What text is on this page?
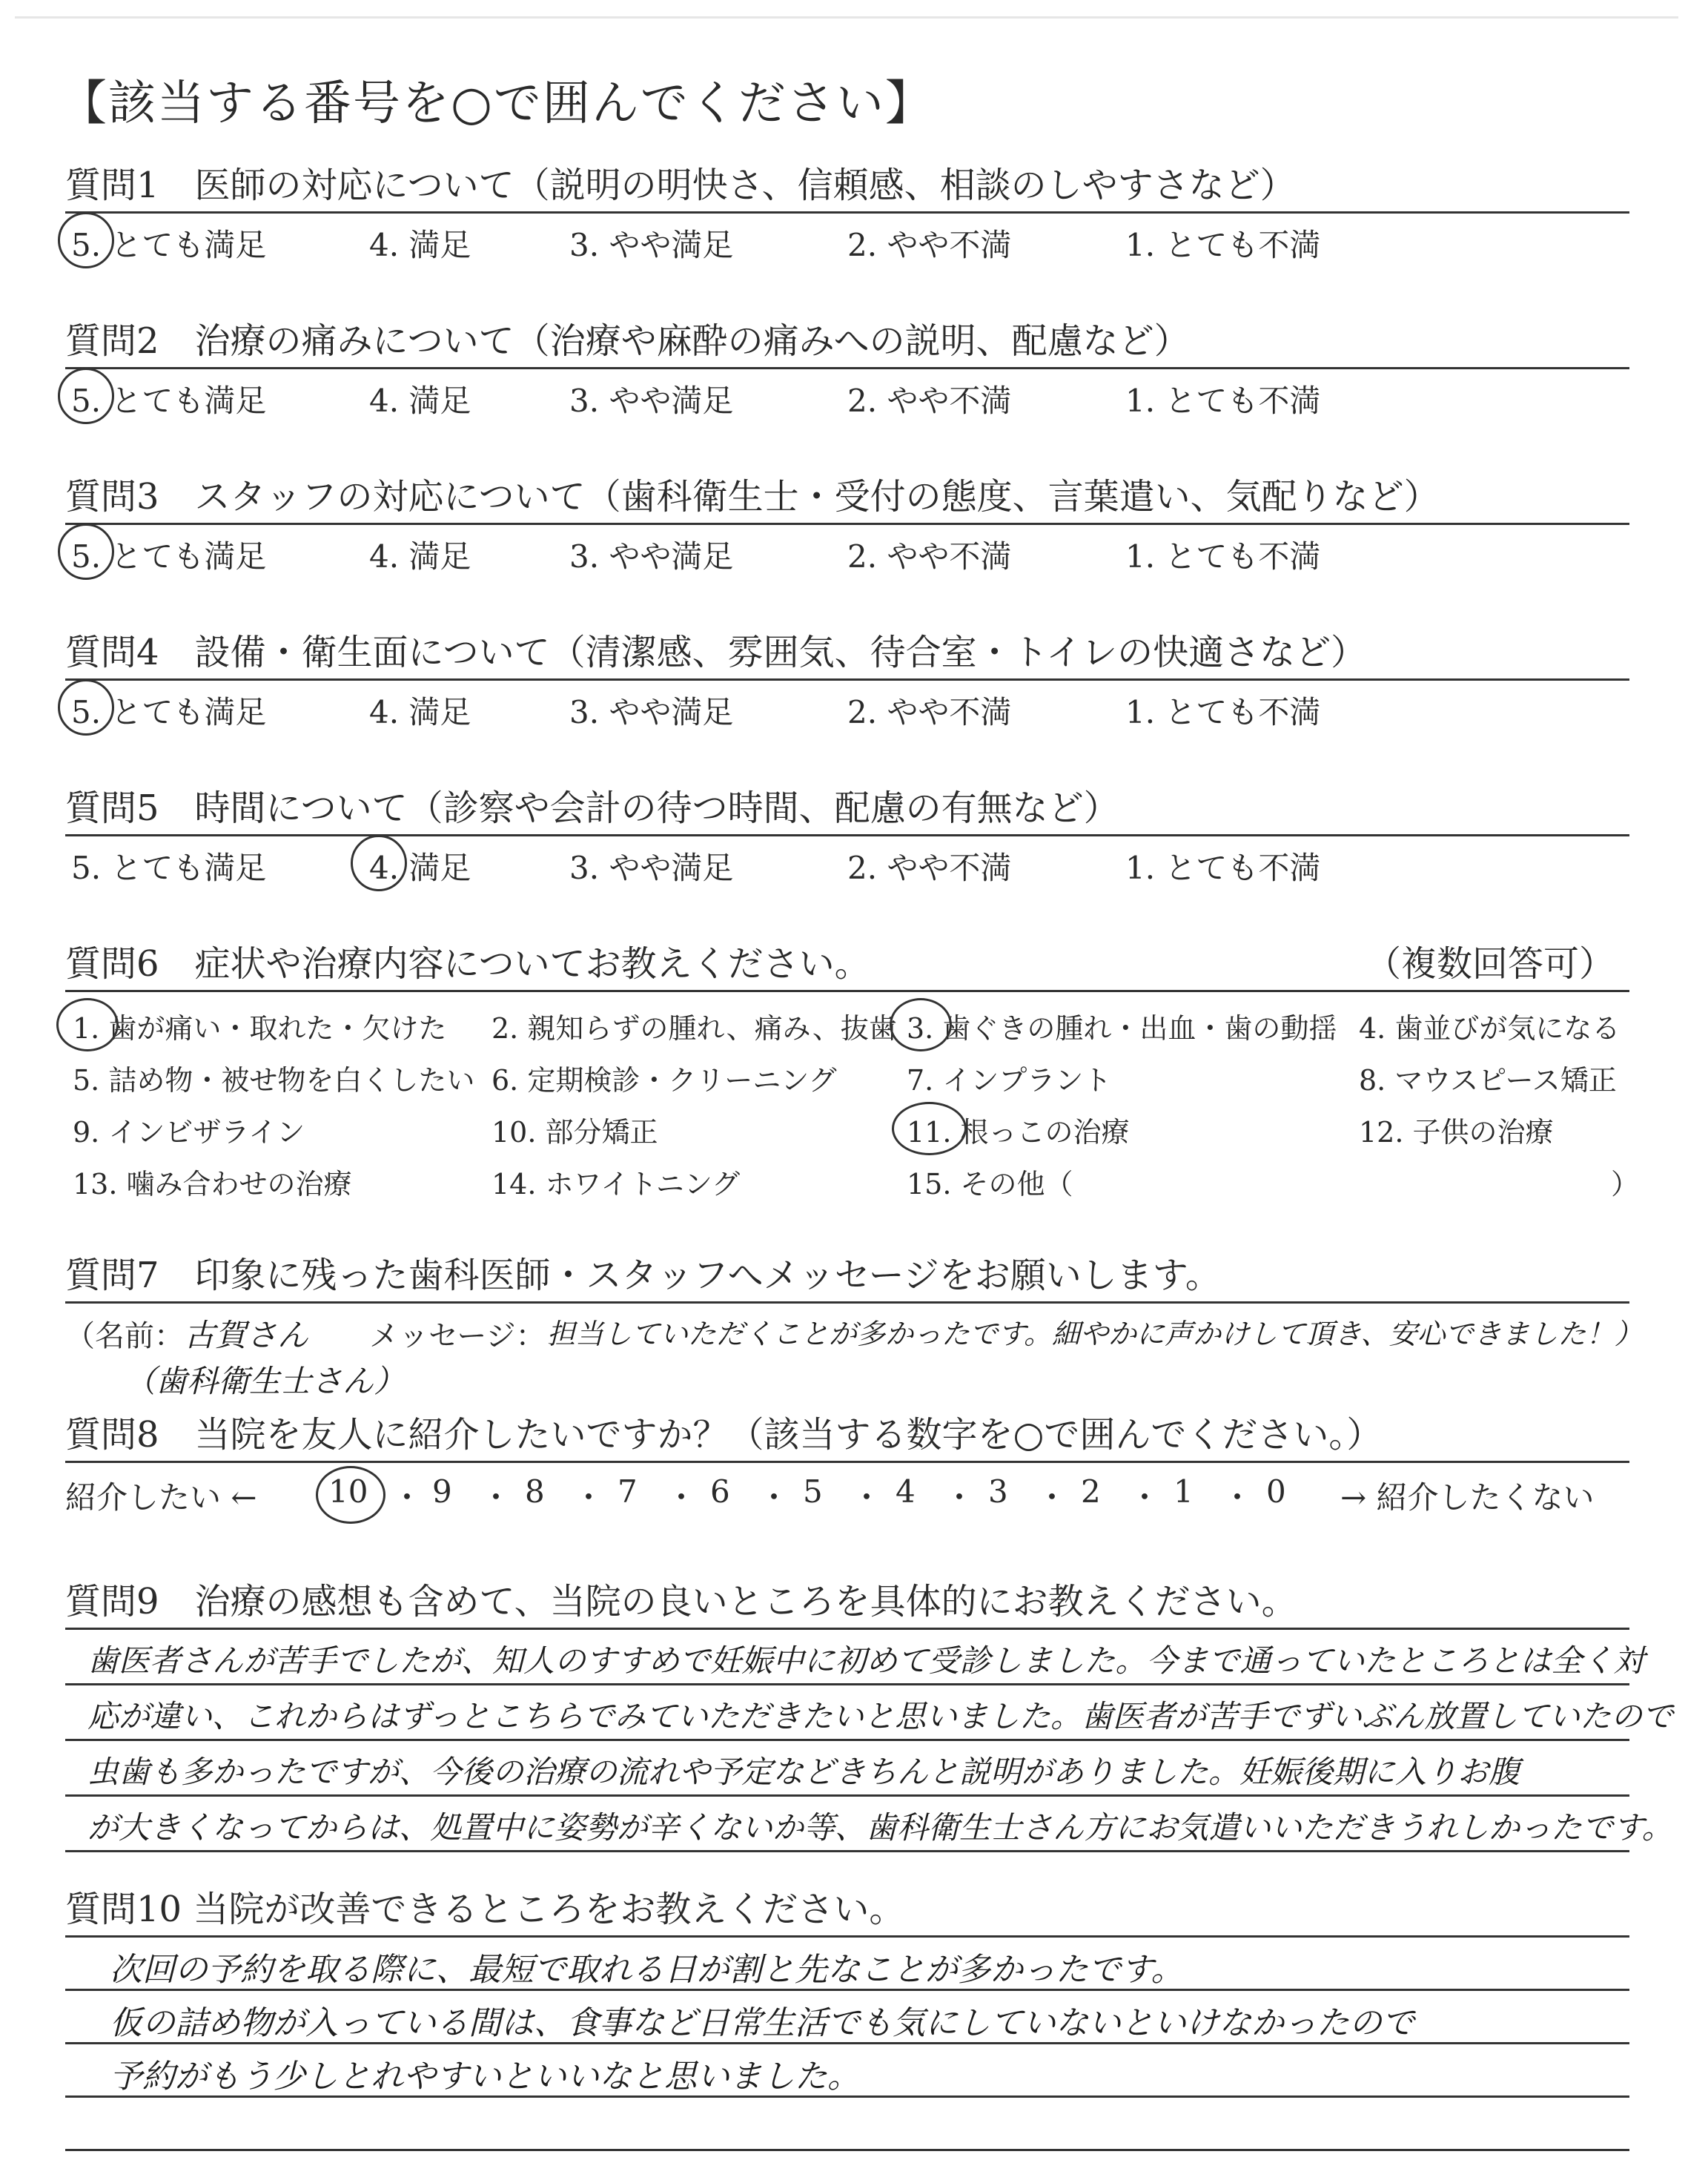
【該当する番号を○で囲んでください】
質問1　医師の対応について（説明の明快さ、信頼感、相談のしやすさなど）
5. とても満足	4. 満足	3. やや満足	2. やや不満	1. とても不満
質問2　治療の痛みについて（治療や麻酔の痛みへの説明、配慮など）
5. とても満足	4. 満足	3. やや満足	2. やや不満	1. とても不満
質問3　スタッフの対応について（歯科衛生士・受付の態度、言葉遣い、気配りなど）
5. とても満足	4. 満足	3. やや満足	2. やや不満	1. とても不満
質問4　設備・衛生面について（清潔感、雰囲気、待合室・トイレの快適さなど）
5. とても満足	4. 満足	3. やや満足	2. やや不満	1. とても不満
質問5　時間について（診察や会計の待つ時間、配慮の有無など）
5. とても満足	4. 満足	3. やや満足	2. やや不満	1. とても不満
質問6　症状や治療内容についてお教えください。	（複数回答可）
1. 歯が痛い・取れた・欠けた 2. 親知らずの腫れ、痛み、抜歯 3. 歯ぐきの腫れ・出血・歯の動揺 4. 歯並びが気になる
5. 詰め物・被せ物を白くしたい 6. 定期検診・クリーニング 7. インプラント	8. マウスピース矯正
9. インビザライン	10. 部分矯正	11. 根っこの治療	12. 子供の治療
13. 噛み合わせの治療	14. ホワイトニング	15. その他（	）
質問7　印象に残った歯科医師・スタッフへメッセージをお願いします。
（名前： 古賀さん メッセージ： 担当していただくことが多かったです。細やかに声かけして頂き、安心できました！）
（歯科衛生士さん）
質問8　当院を友人に紹介したいですか？（該当する数字を○で囲んでください。）
紹介したい ← 10 ・ 9 ・ 8 ・ 7 ・ 6 ・ 5 ・ 4 ・ 3 ・ 2 ・ 1 ・ 0 → 紹介したくない
質問9　治療の感想も含めて、当院の良いところを具体的にお教えください。
歯医者さんが苦手でしたが、知人のすすめで妊娠中に初めて受診しました。今まで通っていたところとは全く対
応が違い、これからはずっとこちらでみていただきたいと思いました。歯医者が苦手でずいぶん放置していたので
虫歯も多かったですが、今後の治療の流れや予定などきちんと説明がありました。妊娠後期に入りお腹
が大きくなってからは、処置中に姿勢が辛くないか等、歯科衛生士さん方にお気遣いいただきうれしかったです。
質問10 当院が改善できるところをお教えください。
次回の予約を取る際に、最短で取れる日が割と先なことが多かったです。
仮の詰め物が入っている間は、食事など日常生活でも気にしていないといけなかったので
予約がもう少しとれやすいといいなと思いました。
